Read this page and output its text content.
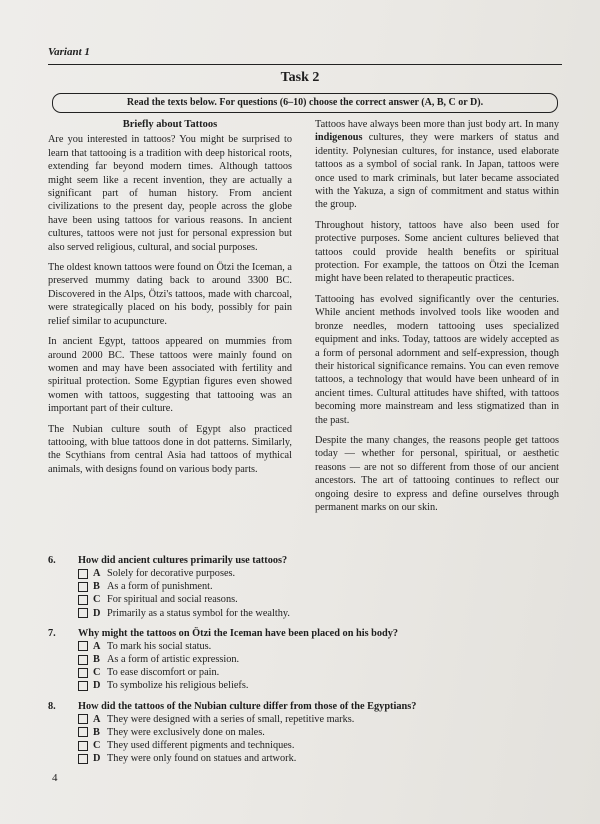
Variant 1
Task 2
Read the texts below. For questions (6–10) choose the correct answer (A, B, C or D).
Briefly about Tattoos

Are you interested in tattoos? You might be surprised to learn that tattooing is a tradition with deep historical roots, extending far beyond modern times. Although tattoos might seem like a recent invention, they are actually a significant part of human history. From ancient civilizations to the present day, people across the globe have been using tattoos for various reasons. In ancient cultures, tattoos were not just for personal expression but also served religious, cultural, and social purposes.

The oldest known tattoos were found on Ötzi the Iceman, a preserved mummy dating back to around 3300 BC. Discovered in the Alps, Ötzi's tattoos, made with charcoal, were strategically placed on his body, possibly for pain relief similar to acupuncture.

In ancient Egypt, tattoos appeared on mummies from around 2000 BC. These tattoos were mainly found on women and may have been associated with fertility and spiritual protection. Some Egyptian figures even showed women with tattoos, suggesting that tattooing was an important part of their culture.

The Nubian culture south of Egypt also practiced tattooing, with blue tattoos done in dot patterns. Similarly, the Scythians from central Asia had tattoos of mythical animals, with designs found on various body parts.

Tattoos have always been more than just body art. In many indigenous cultures, they were markers of status and identity. Polynesian cultures, for instance, used elaborate tattoos as a symbol of social rank. In Japan, tattoos were once used to mark criminals, but later became associated with the Yakuza, a sign of commitment and status within the group.

Throughout history, tattoos have also been used for protective purposes. Some ancient cultures believed that tattoos could provide health benefits or spiritual protection. For example, the tattoos on Ötzi the Iceman might have been related to therapeutic practices.

Tattooing has evolved significantly over the centuries. While ancient methods involved tools like wooden and bronze needles, modern tattooing uses specialized equipment and inks. Today, tattoos are widely accepted as a form of personal adornment and self-expression, though their historical significance remains. You can even remove tattoos, a technology that would have been unheard of in ancient times. Cultural attitudes have shifted, with tattoos becoming more mainstream and less stigmatized than in the past.

Despite the many changes, the reasons people get tattoos today — whether for personal, spiritual, or aesthetic reasons — are not so different from those of our ancient ancestors. The art of tattooing continues to reflect our ongoing desire to express and define ourselves through permanent marks on our skin.

6.	How did ancient cultures primarily use tattoos?
A Solely for decorative purposes.
B As a form of punishment.
C For spiritual and social reasons.
D Primarily as a status symbol for the wealthy.
7.	Why might the tattoos on Ötzi the Iceman have been placed on his body?
A To mark his social status.
B As a form of artistic expression.
C To ease discomfort or pain.
D To symbolize his religious beliefs.
8.	How did the tattoos of the Nubian culture differ from those of the Egyptians?
A They were designed with a series of small, repetitive marks.
B They were exclusively done on males.
C They used different pigments and techniques.
D They were only found on statues and artwork.
4
